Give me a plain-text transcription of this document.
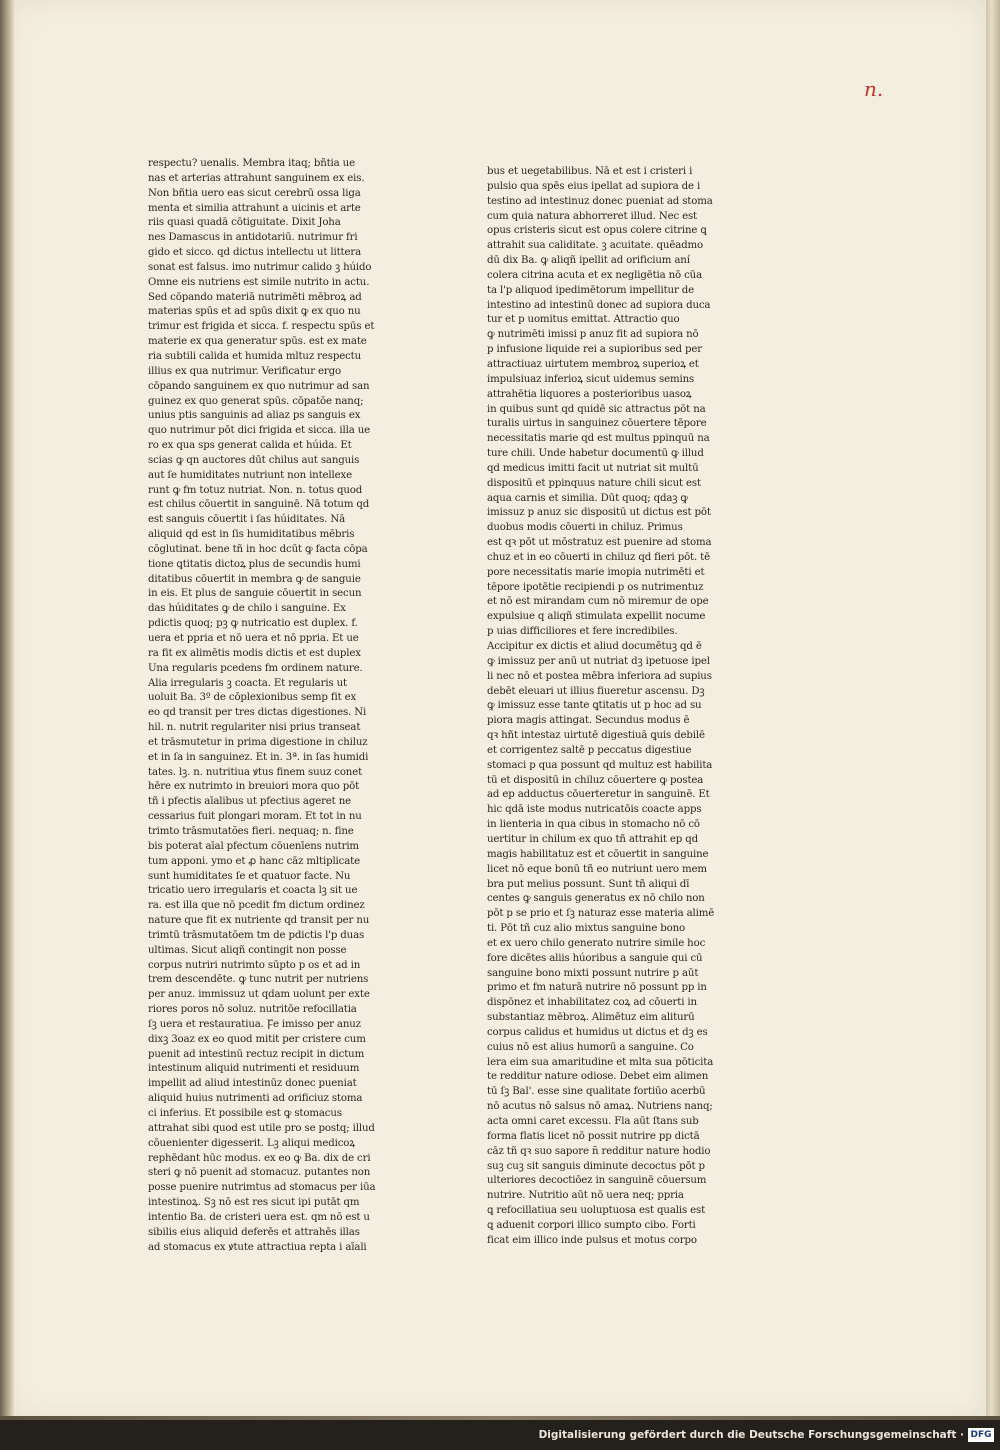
n.
respectu? uenalis. Membra itaq; bñtia ue
nas et arterias attrahunt sanguinem ex eis.
Non bñtia uero eas sicut cerebrū ossa liga
menta et similia attrahunt a uicinis et arte
riis quasi quadā cōtiguitate. Dixit Joha
nes Damascus in antidotariū. nutrimur fri
gido et sicco. qd dictus intellectu ut littera
sonat est falsus. imo nutrimur calido ꝫ húido
Omne eis nutriens est simile nutrito in actu.
Sed cōpando materiā nutrimēti mēbroꝝ ad
materias spūs et ad spūs dixit ꝙ ex quo nu
trimur est frigida et sicca. f. respectu spūs et
materie ex qua generatur spūs. est ex mate
ria subtili calida et humida mltuz respectu
illius ex qua nutrimur. Verificatur ergo
cōpando sanguinem ex quo nutrimur ad san
guinez ex quo generat spūs. cōpatōe nanq;
unius ptis sanguinis ad aliaz ps sanguis ex
quo nutrimur pōt dici frigida et sicca. illa ue
ro ex qua sps generat calida et húida. Et
scias ꝙ qn auctores dūt chilus aut sanguis
aut ſe humiditates nutriunt non intellexe
runt ꝙ fm totuz nutriat. Non. n. totus quod
est chilus cōuertit in sanguinē. Nā totum qd
est sanguis cōuertit i ſas húiditates. Nā
aliquid qd est in ſis humiditatibus mēbris
cōglutinat. bene tñ in hoc dcūt ꝙ facta cōpa
tione ꝗtitatis dictoꝝ plus de secundis humi
ditatibus cōuertit in membra ꝙ de sanguie
in eis. Et plus de sanguie cōuertit in secun
das húiditates ꝙ de chilo i sanguine. Ex
pdictis quoq; pꝫ ꝙ nutricatio est duplex. f.
uera et ppria et nō uera et nō ppria. Et ue
ra fit ex alimētis modis dictis et est duplex
Una regularis pcedens fm ordinem nature.
Alia irregularis ꝫ coacta. Et regularis ut
uoluit Ba. 3º de cōplexionibus semp fit ex
eo qd transit per tres dictas digestiones. Ni
hil. n. nutrit regulariter nisi prius transeat
et trāsmutetur in prima digestione in chiluz
et in ſa in sanguinez. Et in. 3ª. in ſas humidi
tates. lꝫ. n. nutritiua ꝟtus finem suuz conet
hēre ex nutrimto in breuiori mora quo pōt
tñ i pfectis aīalibus ut pfectius ageret ne
cessarius fuit plongari moram. Et tot in nu
trimto trāsmutatões fieri. nequaq; n. fine
bis poterat aīal pfectum cōuenīens nutrim
tum apponi. ymo et ꝓ hanc cāz mltiplicate
sunt humiditates ſe et quatuor facte. Nu
tricatio uero irregularis et coacta lꝫ sit ue
ra. est illa que nō pcedit fm dictum ordinez
nature que fit ex nutriente qd transit per nu
trimtū trāsmutatōem tm de pdictis l'p duas
ultimas. Sicut aliqñ contingit non posse
corpus nutriri nutrimto sūpto p os et ad in
trem descendēte. ꝙ tunc nutrit per nutriens
per anuz. immissuz ut qdam uolunt per exte
riores poros nō soluz. nutritōe refocillatia
ſꝫ uera et restauratiua. Ꝼe imisso per anuz
dixꝫ 3oaz ex eo quod mitit per cristere cum
puenit ad intestinū rectuz recipit in dictum
intestinum aliquid nutrimenti et residuum
impellit ad aliud intestinūz donec pueniat
aliquid huius nutrimenti ad orificiuz stoma
ci inferius. Et possibile est ꝙ stomacus
attrahat sibi quod est utile pro se postq; illud
cōuenienter digesserit. Lꝫ aliqui medicoꝝ
rephēdant hūc modus. ex eo ꝙ Ba. dix de cri
steri ꝙ nō puenit ad stomacuz. putantes non
posse puenire nutrimtus ad stomacus per iūa
intestinoꝝ. Sꝫ nō est res sicut ipi putāt qm
intentio Ba. de cristeri uera est. qm nō est u
sibilis eius aliquid deferēs et attrahēs illas
ad stomacus ex ꝟtute attractiua repta i aīali
bus et uegetabilibus. Nā et est i cristeri i
pulsio qua spēs eius ipellat ad supiora de i
testino ad intestinuz donec pueniat ad stoma
cum quia natura abhorreret illud. Nec est
opus cristeris sicut est opus colere citrine ꝗ
attrahit sua caliditate. ꝫ acuitate. quēadmo
dū dix Ba. ꝙ aliqñ ipellit ad orificium aní
colera citrina acuta et ex negligētia nō cūa
ta l'p aliquod ipedimētorum impellitur de
intestino ad intestinū donec ad supiora duca
tur et p uomitus emittat. Attractio quo
ꝙ nutrimēti imissi p anuz fit ad supiora nō
p infusione liquide rei a supioribus sed per
attractiuaz uirtutem membroꝝ superioꝝ et
impulsiuaz inferioꝝ sicut uidemus semins
attrahētia liquores a posterioribus uasoꝝ
in quibus sunt qd quidē sic attractus pōt na
turalis uirtus in sanguinez cōuertere tēpore
necessitatis marie qd est multus ppinquū na
ture chili. Unde habetur documentū ꝙ illud
qd medicus imitti facit ut nutriat sit multū
dispositū et ppinquus nature chili sicut est
aqua carnis et similia. Dūt quoq; qdaꝫ ꝙ
imissuz p anuz sic dispositū ut dictus est pōt
duobus modis cōuerti in chiluz. Primus
est qꝛ pōt ut mōstratuz est puenire ad stoma
chuz et in eo cōuerti in chiluz qd fieri pōt. tē
pore necessitatis marie imopia nutrimēti et
tēpore ipotētie recipiendi p os nutrimentuz
et nō est mirandam cum nō miremur de ope
expulsiue q aliqñ stimulata expellit nocume
p uias difficiliores et fere incredibiles.
Accipitur ex dictis et aliud documētuꝫ qd ē
ꝙ imissuz per anū ut nutriat dꝫ ipetuose ipel
li nec nō et postea mēbra inferiora ad supius
debēt eleuari ut illius fiueretur ascensu. Dꝫ
ꝙ imissuz esse tante ꝗtitatis ut p hoc ad su
piora magis attingat. Secundus modus ē
qꝛ hñt intestaz uirtutē digestiuā ꝗuis debilē
et corrigentez saltē p peccatus digestiue
stomaci p qua possunt qd multuz est habilita
tū et dispositū in chiluz cōuertere ꝙ postea
ad ep adductus cōuerteretur in sanguinē. Et
hic qdā iste modus nutricatōis coacte apps
in lienteria in qua cibus in stomacho nō cō
uertitur in chilum ex quo tñ attrahit ep qd
magis habilitatuz est et cōuertit in sanguine
licet nō eque bonū tñ eo nutriunt uero mem
bra put melius possunt. Sunt tñ aliqui dī
centes ꝙ sanguis generatus ex nō chilo non
pōt p se prio et ſꝫ naturaz esse materia alimē
ti. Pōt tñ cuz alio mixtus sanguine bono
et ex uero chilo generato nutrire simile hoc
fore dicētes aliis húoribus a sanguie qui cū
sanguine bono mixti possunt nutrire p aūt
primo et fm naturā nutrire nō possunt pp in
dispōnez et inhabilitatez coꝝ ad cōuerti in
substantiaz mēbroꝝ. Alimētuz eim aliturū
corpus calidus et humidus ut dictus et dꝫ es
cuius nō est alius humorū a sanguine. Co
lera eim sua amaritudine et mlta sua pōticita
te redditur nature odiose. Debet eim alimen
tū ſꝫ Bal'. esse sine qualitate fortiūo acerbū
nō acutus nō salsus nō amaꝝ. Nutriens nanq;
acta omni caret excessu. Fla aūt ſtans sub
forma flatis licet nō possit nutrire pp dictā
cāz tñ qꝛ suo sapore n̄ redditur nature hodio
suꝫ cuꝫ sit sanguis diminute decoctus pōt p
ulteriores decoctiōez in sanguinē cōuersum
nutrire. Nutritio aūt nō uera neq; ppria
ꝗ refocillatiua seu uoluptuosa est qualis est
ꝗ aduenit corpori illico sumpto cibo. Forti
ficat eim illico inde pulsus et motus corpo
Digitalisierung gefördert durch die Deutsche Forschungsgemeinschaft · DFG
